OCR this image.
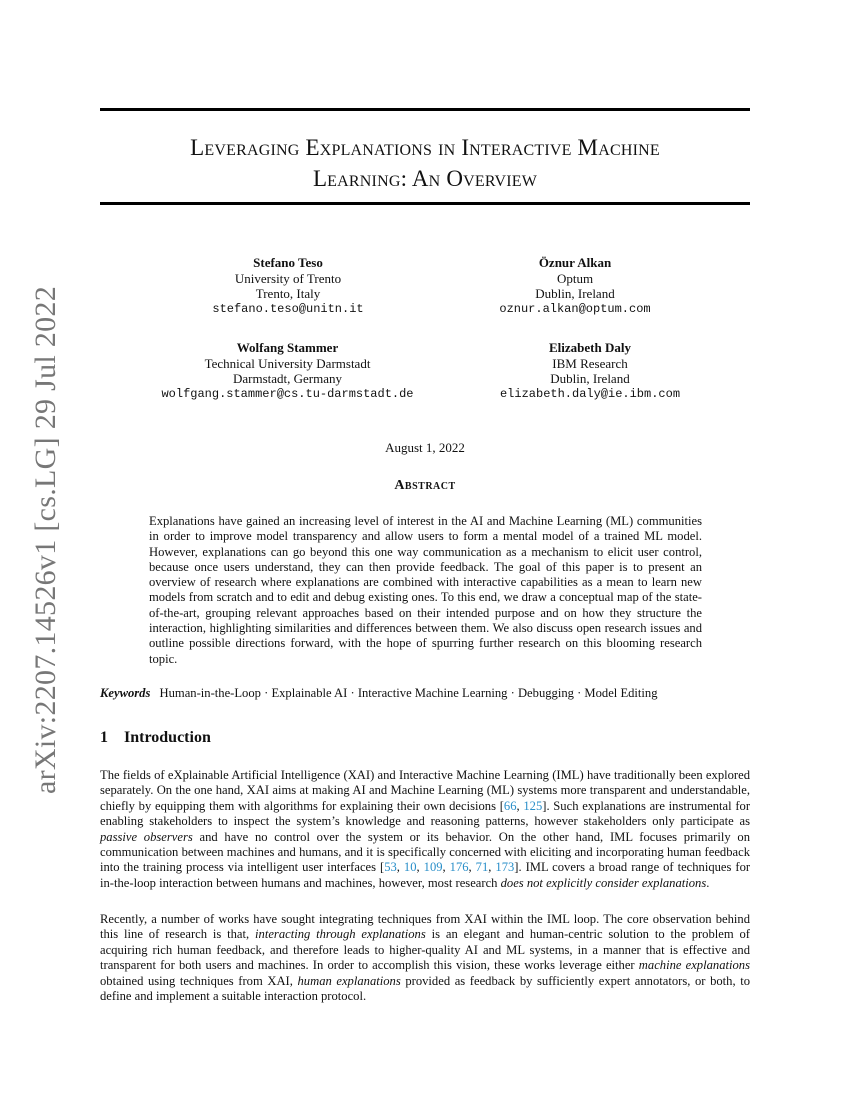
Leveraging Explanations in Interactive Machine
Learning: An Overview
arXiv:2207.14526v1 [cs.LG] 29 Jul 2022
Stefano Teso
University of Trento
Trento, Italy
stefano.teso@unitn.it
Öznur Alkan
Optum
Dublin, Ireland
oznur.alkan@optum.com
Wolfang Stammer
Technical University Darmstadt
Darmstadt, Germany
wolfgang.stammer@cs.tu-darmstadt.de
Elizabeth Daly
IBM Research
Dublin, Ireland
elizabeth.daly@ie.ibm.com
August 1, 2022
Abstract

Explanations have gained an increasing level of interest in the AI and Machine Learning (ML) communities in order to improve model transparency and allow users to form a mental model of a trained ML model. However, explanations can go beyond this one way communication as a mechanism to elicit user control, because once users understand, they can then provide feedback. The goal of this paper is to present an overview of research where explanations are combined with interactive capabilities as a mean to learn new models from scratch and to edit and debug existing ones. To this end, we draw a conceptual map of the state-of-the-art, grouping relevant approaches based on their intended purpose and on how they structure the interaction, highlighting similarities and differences between them. We also discuss open research issues and outline possible directions forward, with the hope of spurring further research on this blooming research topic.

Keywords Human-in-the-Loop · Explainable AI · Interactive Machine Learning · Debugging · Model Editing
1 Introduction

The fields of eXplainable Artificial Intelligence (XAI) and Interactive Machine Learning (IML) have traditionally been explored separately. On the one hand, XAI aims at making AI and Machine Learning (ML) systems more transparent and understandable, chiefly by equipping them with algorithms for explaining their own decisions [66, 125]. Such explanations are instrumental for enabling stakeholders to inspect the system’s knowledge and reasoning patterns, however stakeholders only participate as passive observers and have no control over the system or its behavior. On the other hand, IML focuses primarily on communication between machines and humans, and it is specifically concerned with eliciting and incorporating human feedback into the training process via intelligent user interfaces [53, 10, 109, 176, 71, 173]. IML covers a broad range of techniques for in-the-loop interaction between humans and machines, however, most research does not explicitly consider explanations.

Recently, a number of works have sought integrating techniques from XAI within the IML loop. The core observation behind this line of research is that, interacting through explanations is an elegant and human-centric solution to the problem of acquiring rich human feedback, and therefore leads to higher-quality AI and ML systems, in a manner that is effective and transparent for both users and machines. In order to accomplish this vision, these works leverage either machine explanations obtained using techniques from XAI, human explanations provided as feedback by sufficiently expert annotators, or both, to define and implement a suitable interaction protocol.
